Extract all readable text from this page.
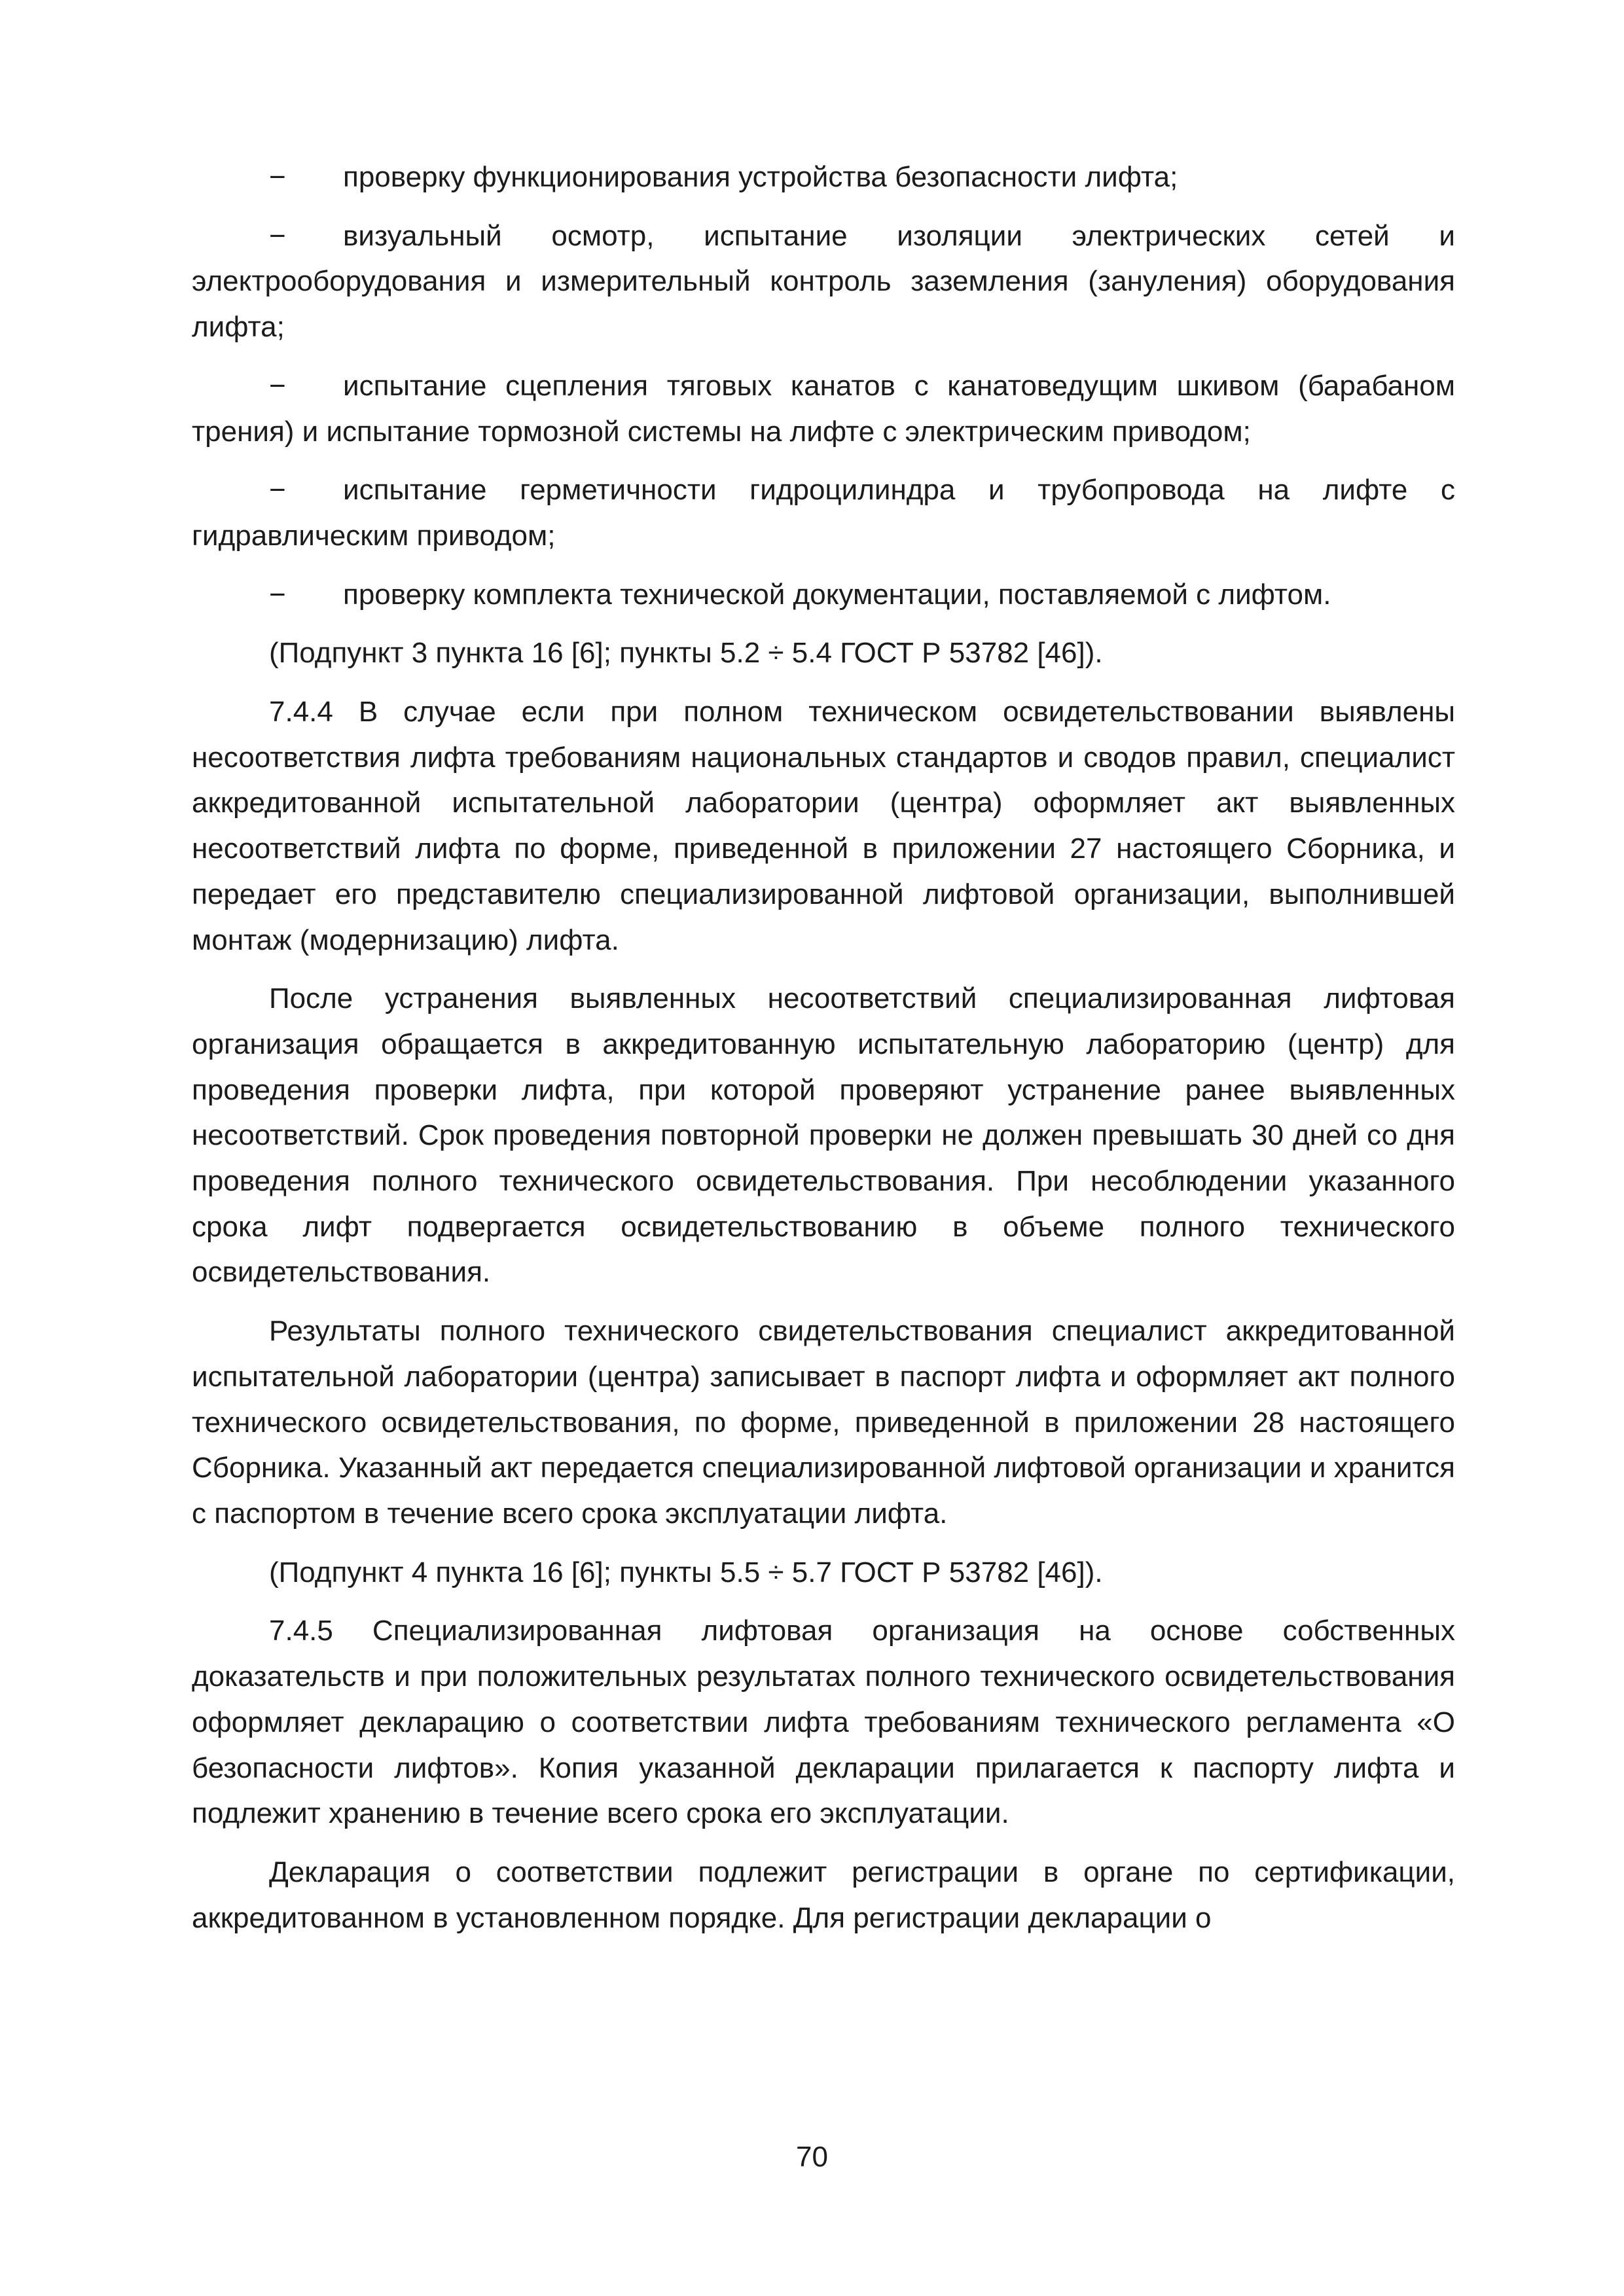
− проверку функционирования устройства безопасности лифта;

− визуальный осмотр, испытание изоляции электрических сетей и электрооборудования и измерительный контроль заземления (зануления) оборудования лифта;

− испытание сцепления тяговых канатов с канатоведущим шкивом (барабаном трения) и испытание тормозной системы на лифте с электрическим приводом;

− испытание герметичности гидроцилиндра и трубопровода на лифте с гидравлическим приводом;

− проверку комплекта технической документации, поставляемой с лифтом.

(Подпункт 3 пункта 16 [6]; пункты 5.2 ÷ 5.4 ГОСТ Р 53782 [46]).

7.4.4 В случае если при полном техническом освидетельствовании выявлены несоответствия лифта требованиям национальных стандартов и сводов правил, специалист аккредитованной испытательной лаборатории (центра) оформляет акт выявленных несоответствий лифта по форме, приведенной в приложении 27 настоящего Сборника, и передает его представителю специализированной лифтовой организации, выполнившей монтаж (модернизацию) лифта.

После устранения выявленных несоответствий специализированная лифтовая организация обращается в аккредитованную испытательную лабораторию (центр) для проведения проверки лифта, при которой проверяют устранение ранее выявленных несоответствий. Срок проведения повторной проверки не должен превышать 30 дней со дня проведения полного технического освидетельствования. При несоблюдении указанного срока лифт подвергается освидетельствованию в объеме полного технического освидетельствования.

Результаты полного технического свидетельствования специалист аккредитованной испытательной лаборатории (центра) записывает в паспорт лифта и оформляет акт полного технического освидетельствования, по форме, приведенной в приложении 28 настоящего Сборника. Указанный акт передается специализированной лифтовой организации и хранится с паспортом в течение всего срока эксплуатации лифта.

(Подпункт 4 пункта 16 [6]; пункты 5.5 ÷ 5.7 ГОСТ Р 53782 [46]).

7.4.5 Специализированная лифтовая организация на основе собственных доказательств и при положительных результатах полного технического освидетельствования оформляет декларацию о соответствии лифта требованиям технического регламента «О безопасности лифтов». Копия указанной декларации прилагается к паспорту лифта и подлежит хранению в течение всего срока его эксплуатации.

Декларация о соответствии подлежит регистрации в органе по сертификации, аккредитованном в установленном порядке. Для регистрации декларации о

70
